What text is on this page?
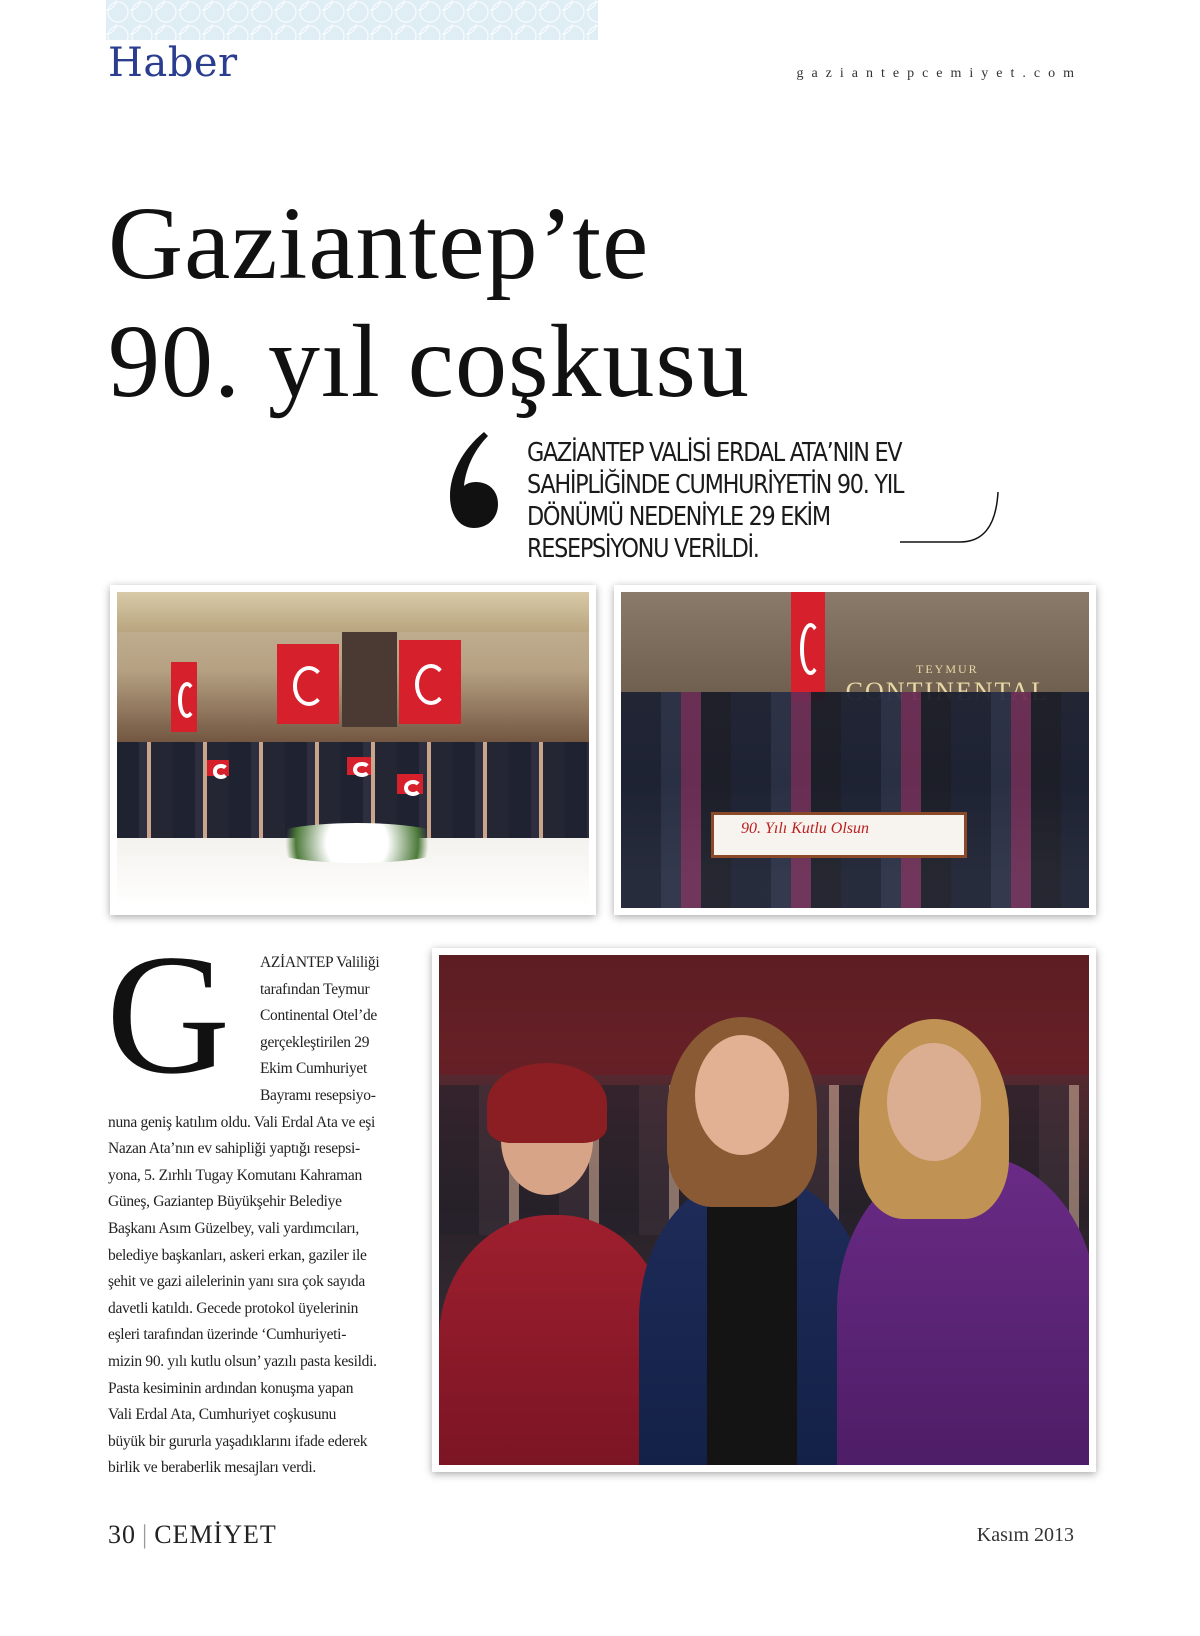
Haber	gaziantepcemiyet.com
Gaziantep’te
90. yıl coşkusu
GAZİANTEP VALİSİ ERDAL ATA’NIN EV SAHİPLİĞİNDE CUMHURİYETİN 90. YIL DÖNÜMÜ NEDENİYLE 29 EKİM RESEPSİYONU VERİLDİ.
TEYMUR
90. Yılı Kutlu Olsun
G	AZİANTEP Valiliği
tarafından Teymur
Continental Otel’de
gerçekleştirilen 29
Ekim Cumhuriyet
Bayramı resepsiyo-
nuna geniş katılım oldu. Vali Erdal Ata ve eşi
Nazan Ata’nın ev sahipliği yaptığı resepsi-
yona, 5. Zırhlı Tugay Komutanı Kahraman
Güneş, Gaziantep Büyükşehir Belediye
Başkanı Asım Güzelbey, vali yardımcıları,
belediye başkanları, askeri erkan, gaziler ile
şehit ve gazi ailelerinin yanı sıra çok sayıda
davetli katıldı. Gecede protokol üyelerinin
eşleri tarafından üzerinde ‘Cumhuriyeti-
mizin 90. yılı kutlu olsun’ yazılı pasta kesildi.
Pasta kesiminin ardından konuşma yapan
Vali Erdal Ata, Cumhuriyet coşkusunu
büyük bir gururla yaşadıklarını ifade ederek
birlik ve beraberlik mesajları verdi.
30 | CEMİYET	Kasım 2013
